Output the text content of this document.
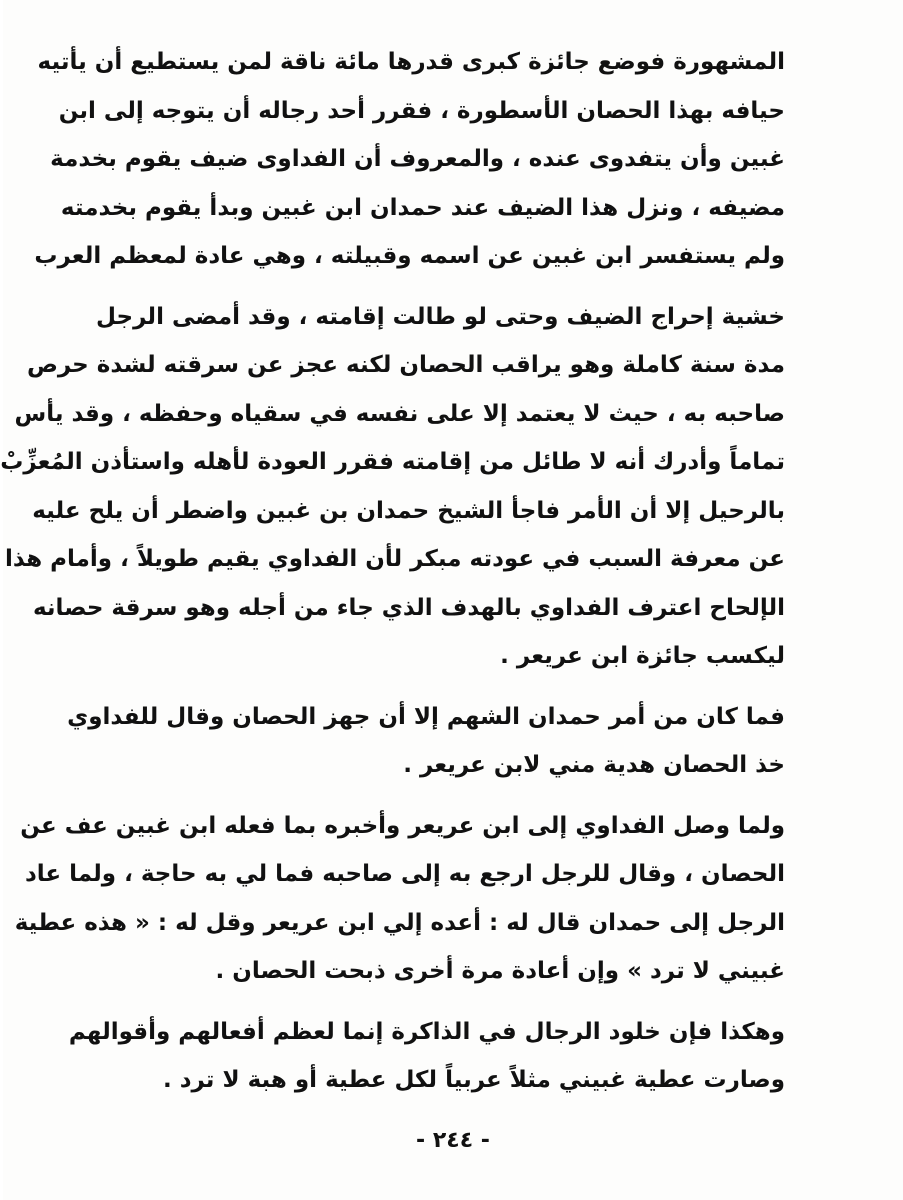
المشهورة فوضع جائزة كبرى قدرها مائة ناقة لمن يستطيع أن يأتيه
حيافه بهذا الحصان الأسطورة ، فقرر أحد رجاله أن يتوجه إلى ابن
غبين وأن يتفدوى عنده ، والمعروف أن الفداوى ضيف يقوم بخدمة
مضيفه ، ونزل هذا الضيف عند حمدان ابن غبين وبدأ يقوم بخدمته
ولم يستفسر ابن غبين عن اسمه وقبيلته ، وهي عادة لمعظم العرب

خشية إحراج الضيف وحتى لو طالت إقامته ، وقد أمضى الرجل
مدة سنة كاملة وهو يراقب الحصان لكنه عجز عن سرقته لشدة حرص
صاحبه به ، حيث لا يعتمد إلا على نفسه في سقياه وحفظه ، وقد يأس
تماماً وأدرك أنه لا طائل من إقامته فقرر العودة لأهله واستأذن المُعزِّبْ
بالرحيل إلا أن الأمر فاجأ الشيخ حمدان بن غبين واضطر أن يلح عليه
عن معرفة السبب في عودته مبكر لأن الفداوي يقيم طويلاً ، وأمام هذا
الإلحاح اعترف الفداوي بالهدف الذي جاء من أجله وهو سرقة حصانه
ليكسب جائزة ابن عريعر .

فما كان من أمر حمدان الشهم إلا أن جهز الحصان وقال للفداوي
خذ الحصان هدية مني لابن عريعر .

ولما وصل الفداوي إلى ابن عريعر وأخبره بما فعله ابن غبين عف عن
الحصان ، وقال للرجل ارجع به إلى صاحبه فما لي به حاجة ، ولما عاد
الرجل إلى حمدان قال له : أعده إلي ابن عريعر وقل له : « هذه عطية
غبيني لا ترد » وإن أعادة مرة أخرى ذبحت الحصان .

وهكذا فإن خلود الرجال في الذاكرة إنما لعظم أفعالهم وأقوالهم
وصارت عطية غبيني مثلاً عربياً لكل عطية أو هبة لا ترد .

- ٢٤٤ -
